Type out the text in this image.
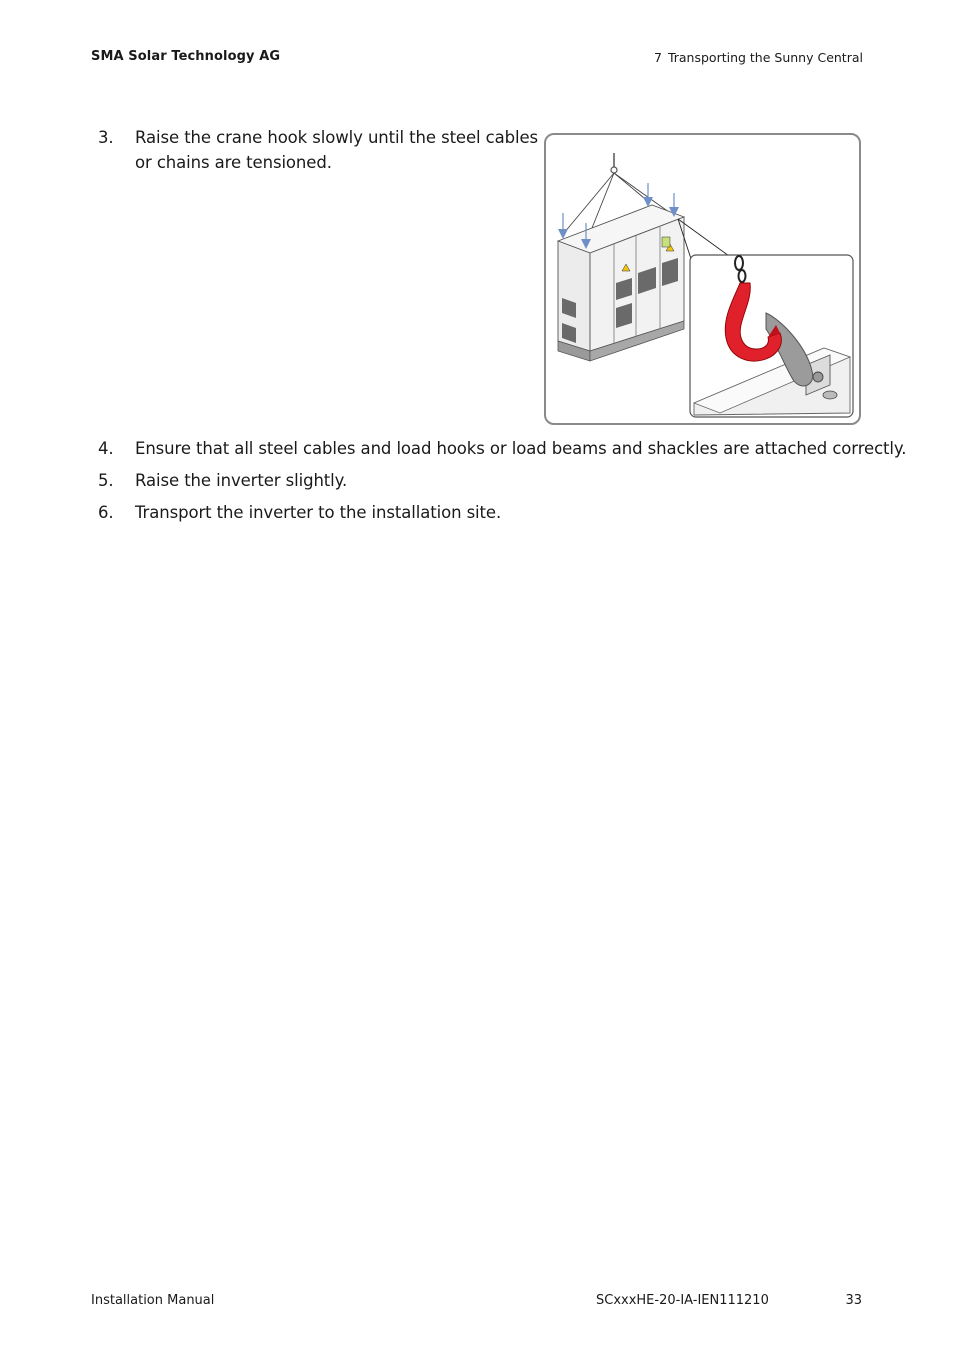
SMA Solar Technology AG	7 Transporting the Sunny Central
3.	Raise the crane hook slowly until the steel cables or chains are tensioned.
4.	Ensure that all steel cables and load hooks or load beams and shackles are attached correctly.
5.	Raise the inverter slightly.
6.	Transport the inverter to the installation site.
Installation Manual	SCxxxHE-20-IA-IEN111210	33
